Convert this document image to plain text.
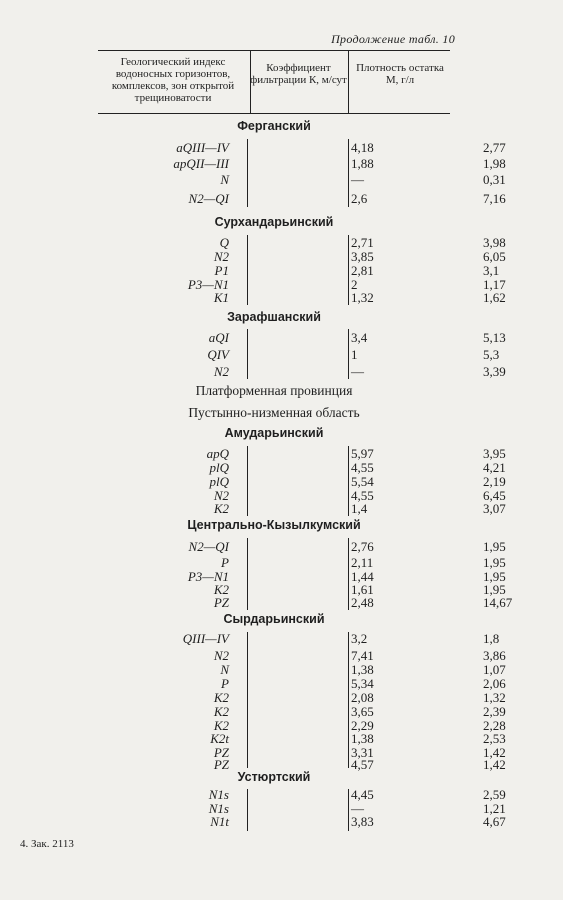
Продолжение табл. 10
Геологический индекс водоносных горизонтов, комплексов, зон открытой трещиноватости
Коэффициент фильтрации К, м/сут
Плотность остатка М, г/л
Ферганский
aQIII—IV	4,18	2,77
apQII—III	1,88	1,98
N	—	0,31
N2—QI	2,6	7,16
Сурхандарьинский
Q	2,71	3,98
N2	3,85	6,05
P1	2,81	3,1
P3—N1	2	1,17
K1	1,32	1,62
Зарафшанский
aQI	3,4	5,13
QIV	1	5,3
N2	—	3,39
Платформенная провинция
Пустынно-низменная область
Амударьинский
apQ	5,97	3,95
plQ	4,55	4,21
plQ	5,54	2,19
N2	4,55	6,45
K2	1,4	3,07
Центрально-Кызылкумский
N2—QI	2,76	1,95
P	2,11	1,95
P3—N1	1,44	1,95
K2	1,61	1,95
PZ	2,48	14,67
Сырдарьинский
QIII—IV	3,2	1,8
N2	7,41	3,86
N	1,38	1,07
P	5,34	2,06
K2	2,08	1,32
K2	3,65	2,39
K2	2,29	2,28
K2t	1,38	2,53
PZ	3,31	1,42
PZ	4,57	1,42
Устюртский
N1s	4,45	2,59
N1s	—	1,21
N1t	3,83	4,67
4. Зак. 2113
